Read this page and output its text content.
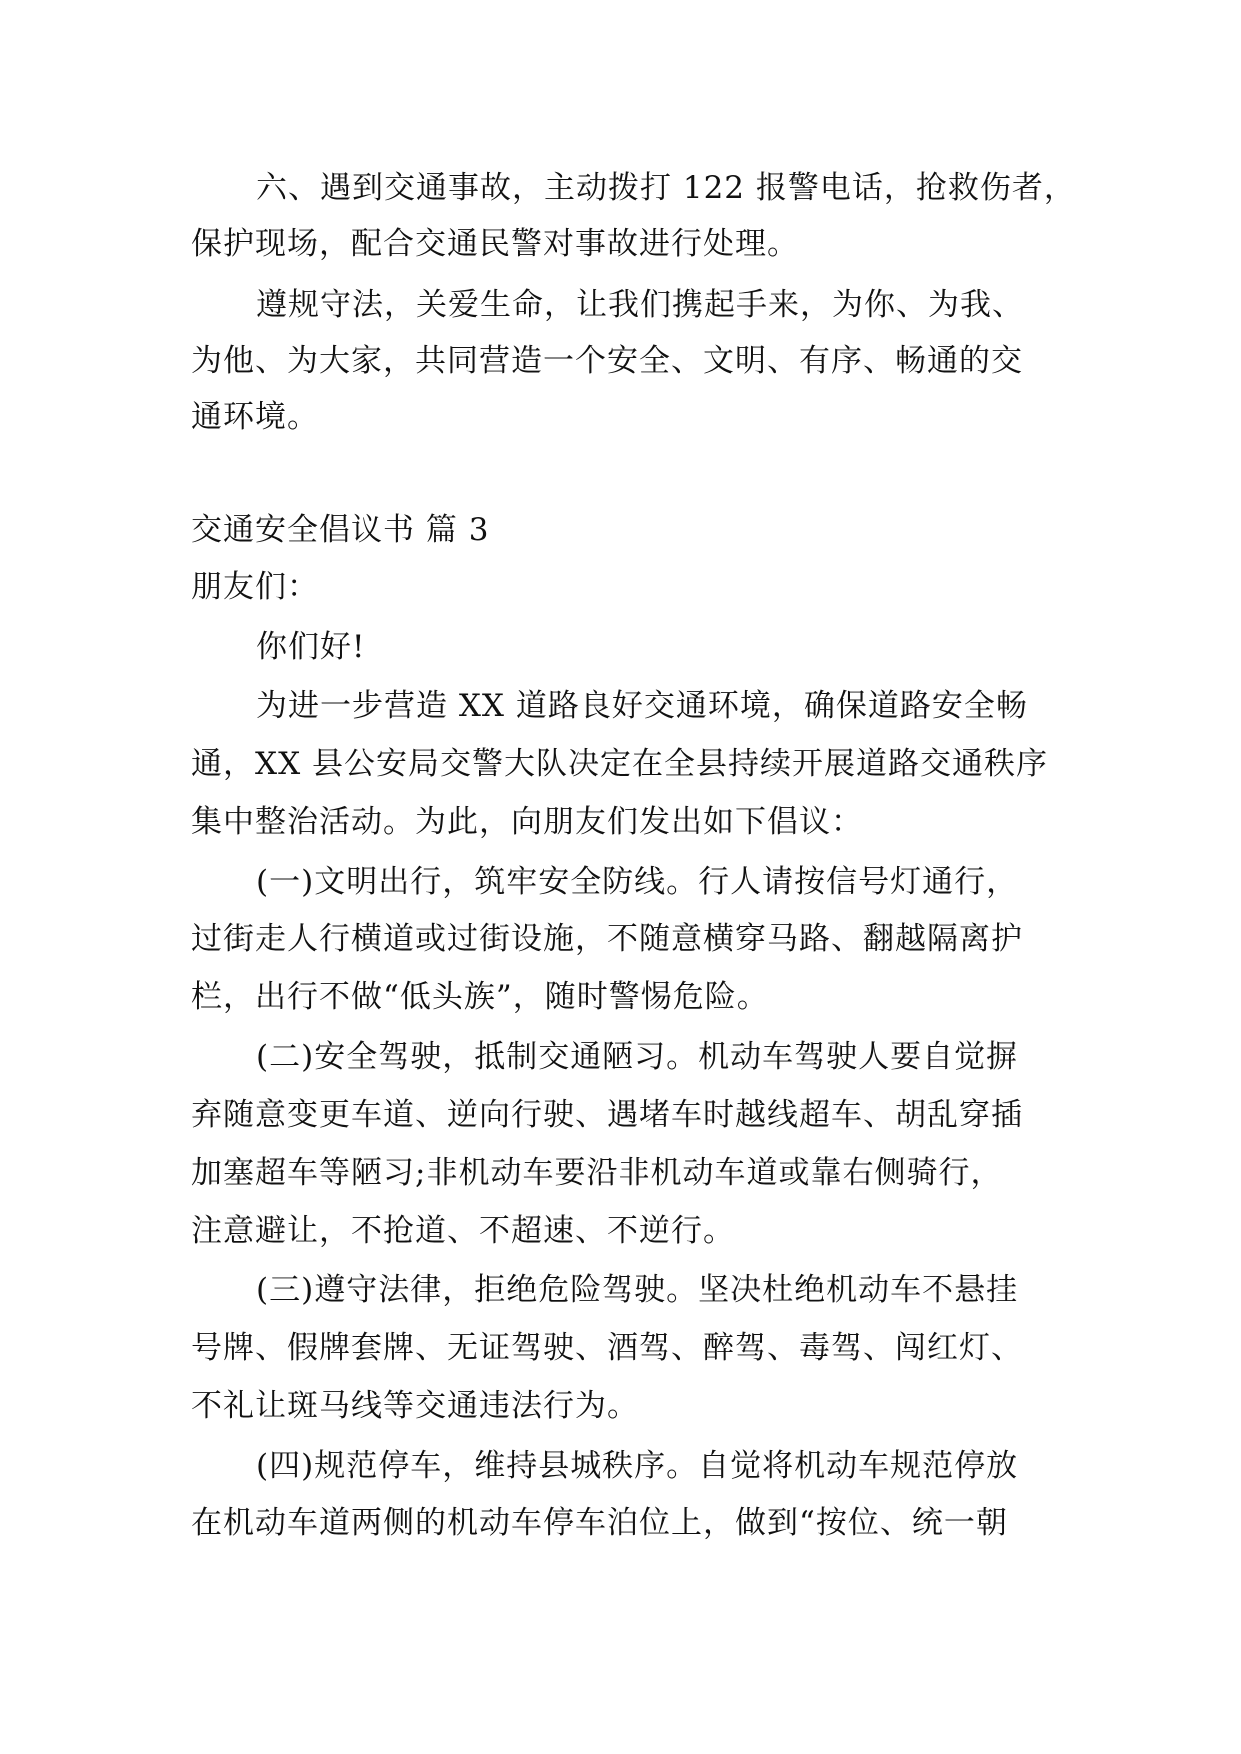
六、遇到交通事故，主动拨打 122 报警电话，抢救伤者，
保护现场，配合交通民警对事故进行处理。
遵规守法，关爱生命，让我们携起手来，为你、为我、
为他、为大家，共同营造一个安全、文明、有序、畅通的交
通环境。
交通安全倡议书 篇 3
朋友们：
你们好!
为进一步营造 XX 道路良好交通环境，确保道路安全畅
通，XX 县公安局交警大队决定在全县持续开展道路交通秩序
集中整治活动。为此，向朋友们发出如下倡议：
(一)文明出行，筑牢安全防线。行人请按信号灯通行，
过街走人行横道或过街设施，不随意横穿马路、翻越隔离护
栏，出行不做“低头族”，随时警惕危险。
(二)安全驾驶，抵制交通陋习。机动车驾驶人要自觉摒
弃随意变更车道、逆向行驶、遇堵车时越线超车、胡乱穿插
加塞超车等陋习;非机动车要沿非机动车道或靠右侧骑行，
注意避让，不抢道、不超速、不逆行。
(三)遵守法律，拒绝危险驾驶。坚决杜绝机动车不悬挂
号牌、假牌套牌、无证驾驶、酒驾、醉驾、毒驾、闯红灯、
不礼让斑马线等交通违法行为。
(四)规范停车，维持县城秩序。自觉将机动车规范停放
在机动车道两侧的机动车停车泊位上，做到“按位、统一朝
